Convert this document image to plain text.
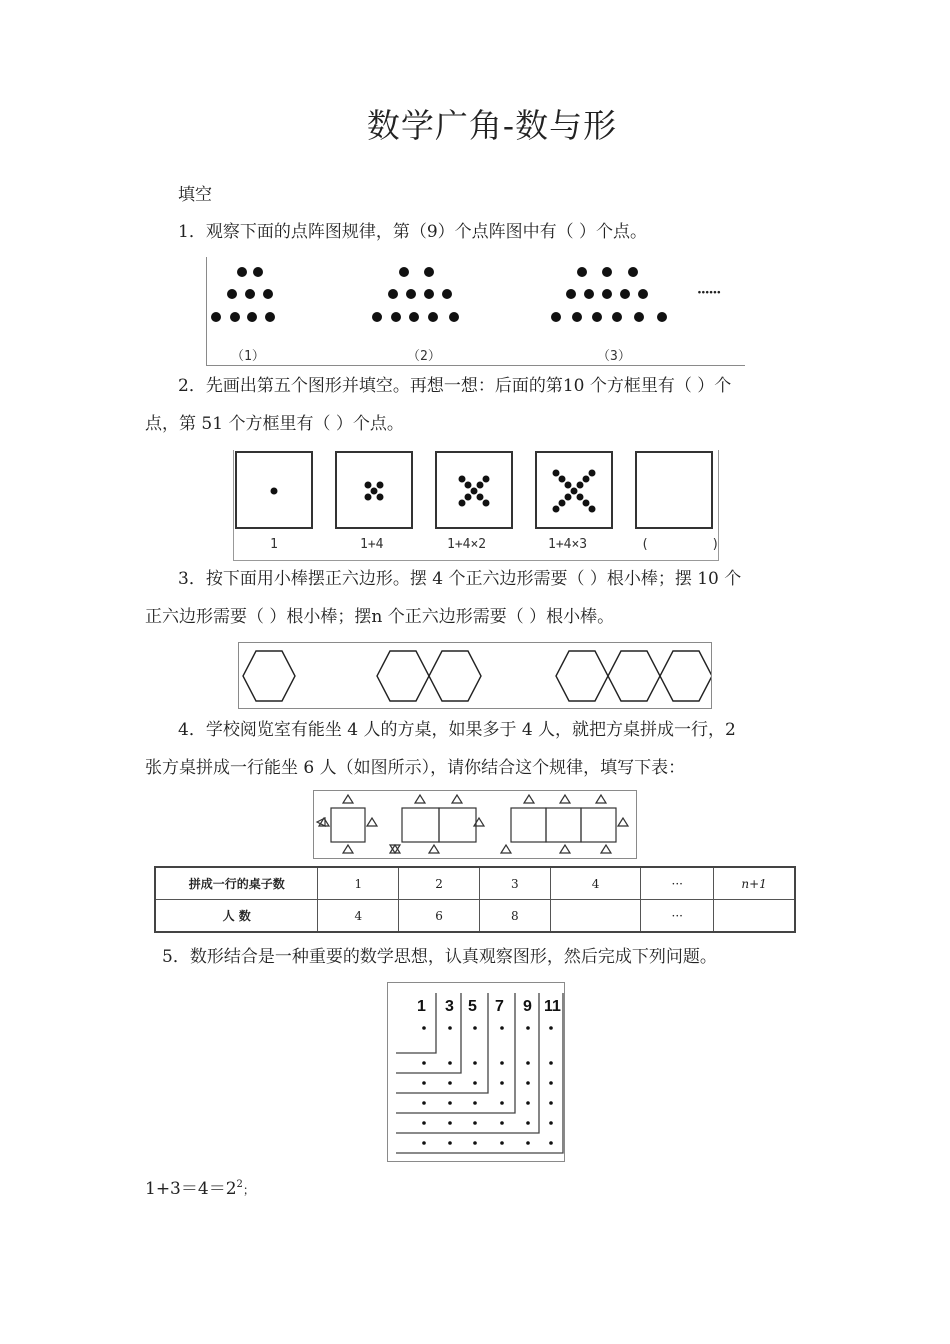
数学广角-数与形
填空
1．观察下面的点阵图规律，第（9）个点阵图中有（ ）个点。
（1）	（2）	（3）
······
2．先画出第五个图形并填空。再想一想：后面的第10 个方框里有（ ）个
点，第 51 个方框里有（ ）个点。
1	1+4	1+4×2	1+4×3	(        )
3．按下面用小棒摆正六边形。摆 4 个正六边形需要（ ）根小棒；摆 10 个
正六边形需要（ ）根小棒；摆n 个正六边形需要（ ）根小棒。
4．学校阅览室有能坐 4 人的方桌，如果多于 4 人，就把方桌拼成一行，2
张方桌拼成一行能坐 6 人（如图所示），请你结合这个规律，填写下表：
拼成一行的桌子数	1	2	3	4	···	n+1
人 数	4	6	8		···	
5．数形结合是一种重要的数学思想，认真观察图形，然后完成下列问题。
1 3 5 7 9 11
$1+3=4=2^2$；
